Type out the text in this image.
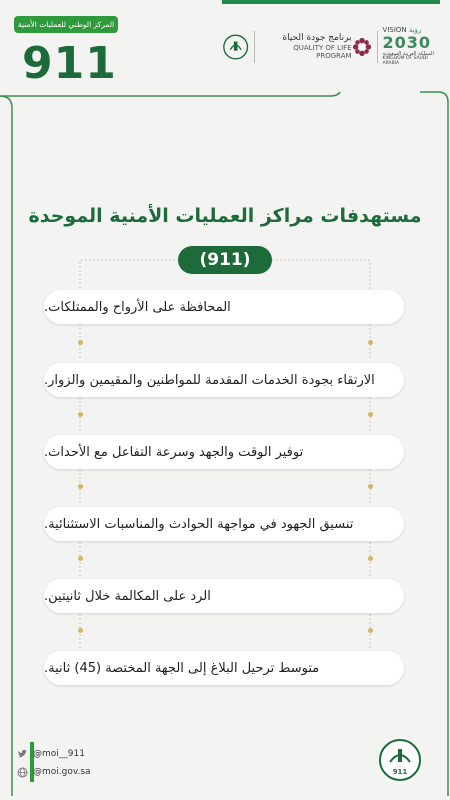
المركز الوطني للعمليات الأمنية
911	برنامج جودة الحياة
QUALITY OF LIFE PROGRAM
VISION رؤية
2030
المملكة العربية السعودية
KINGDOM OF SAUDI ARABIA
مستهدفات مراكز العمليات الأمنية الموحدة
(911)
المحافظة على الأرواح والممتلكات.
الارتقاء بجودة الخدمات المقدمة للمواطنين والمقيمين والزوار.
توفير الوقت والجهد وسرعة التفاعل مع الأحداث.
تنسيق الجهود في مواجهة الحوادث والمناسبات الاستثنائية.
الرد على المكالمة خلال ثانيتين.
متوسط ترحيل البلاغ إلى الجهة المختصة (45) ثانية.
@moi__911
@moi.gov.sa	911
